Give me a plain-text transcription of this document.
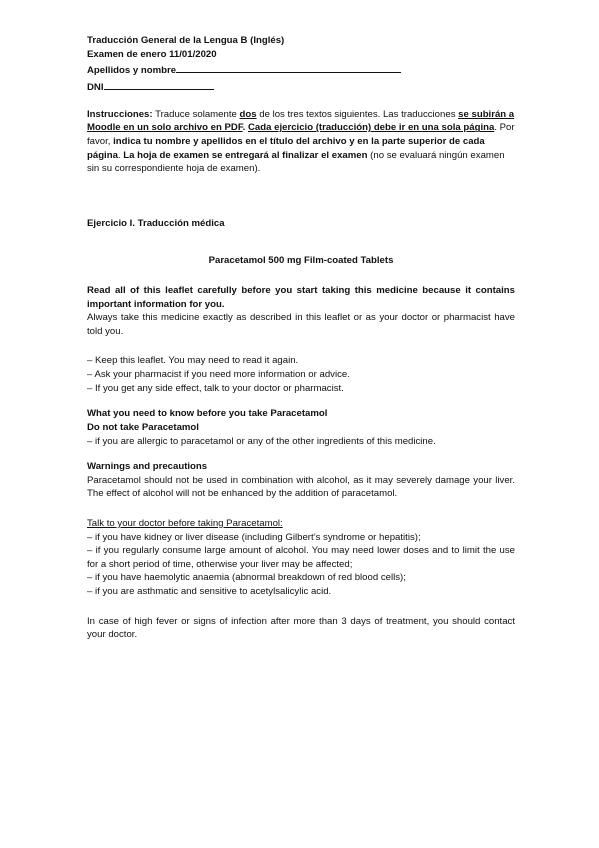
Traducción General de la Lengua B (Inglés)

Examen de enero 11/01/2020

Apellidos y nombre

DNI

Instrucciones: Traduce solamente dos de los tres textos siguientes. Las traducciones se subirán a Moodle en un solo archivo en PDF. Cada ejercicio (traducción) debe ir en una sola página. Por favor, indica tu nombre y apellidos en el título del archivo y en la parte superior de cada página. La hoja de examen se entregará al finalizar el examen (no se evaluará ningún examen sin su correspondiente hoja de examen).

Ejercicio I. Traducción médica

Paracetamol 500 mg Film-coated Tablets

Read all of this leaflet carefully before you start taking this medicine because it contains important information for you.

Always take this medicine exactly as described in this leaflet or as your doctor or pharmacist have told you.

– Keep this leaflet. You may need to read it again.

– Ask your pharmacist if you need more information or advice.

– If you get any side effect, talk to your doctor or pharmacist.

What you need to know before you take Paracetamol

Do not take Paracetamol

– if you are allergic to paracetamol or any of the other ingredients of this medicine.

Warnings and precautions

Paracetamol should not be used in combination with alcohol, as it may severely damage your liver. The effect of alcohol will not be enhanced by the addition of paracetamol.

Talk to your doctor before taking Paracetamol:

– if you have kidney or liver disease (including Gilbert’s syndrome or hepatitis);

– if you regularly consume large amount of alcohol. You may need lower doses and to limit the use for a short period of time, otherwise your liver may be affected;

– if you have haemolytic anaemia (abnormal breakdown of red blood cells);

– if you are asthmatic and sensitive to acetylsalicylic acid.

In case of high fever or signs of infection after more than 3 days of treatment, you should contact your doctor.
